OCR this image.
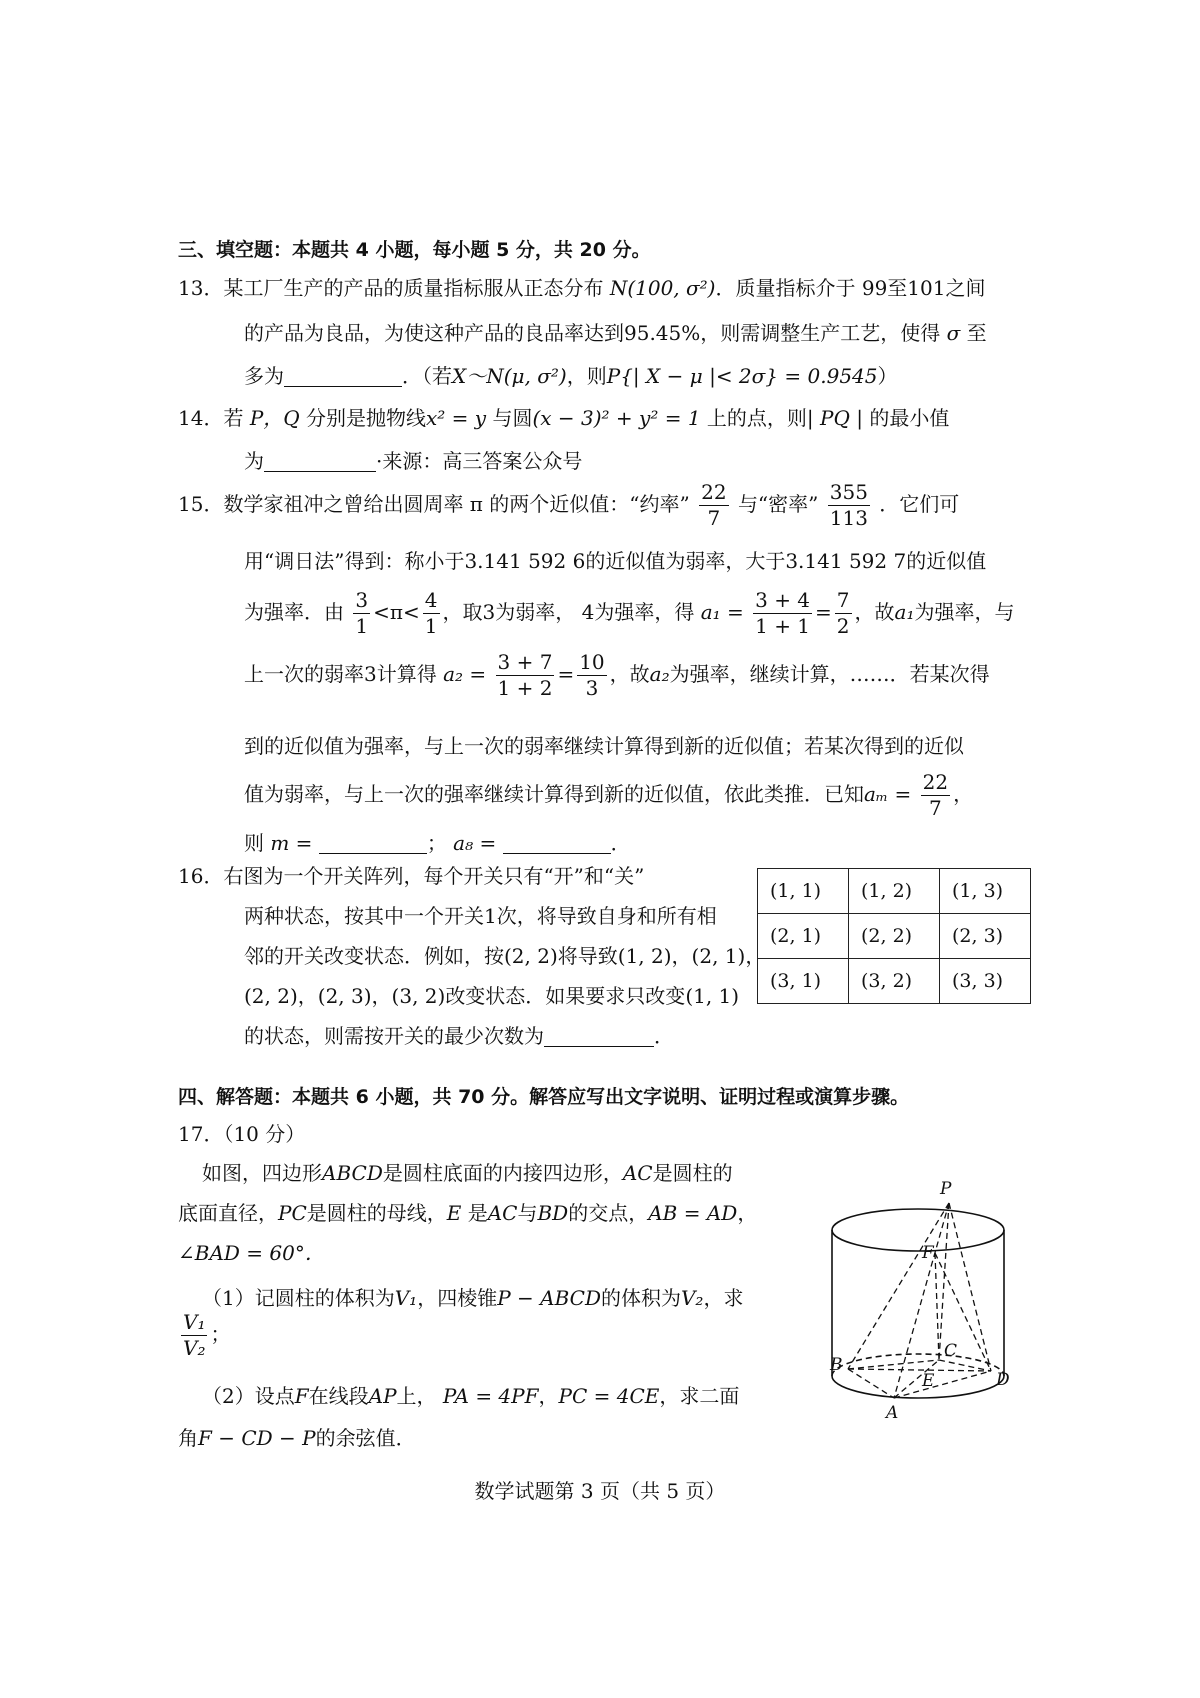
三、填空题：本题共 4 小题，每小题 5 分，共 20 分。
13．某工厂生产的产品的质量指标服从正态分布 N(100, σ²)．质量指标介于 99至101之间
的产品为良品，为使这种产品的良品率达到95.45%，则需调整生产工艺，使得 σ 至
多为	．（若X～N(μ, σ²)，则P{| X − μ |< 2σ} = 0.9545）
14．若 P，Q 分别是抛物线x² = y 与圆(x − 3)² + y² = 1 上的点，则| PQ | 的最小值
为	·来源：高三答案公众号
15．数学家祖冲之曾给出圆周率 π 的两个近似值：“约率” $\frac{22}{7}$ 与“密率” $\frac{355}{113}$ ．它们可
用“调日法”得到：称小于3.141 592 6的近似值为弱率，大于3.141 592 7的近似值
为强率．由 $\frac{3}{1} <\pi< \frac{4}{1}$ ，取3为弱率， 4为强率，得 $a_1 = \frac{3 + 4}{1 + 1} = \frac{7}{2}$ ，故a₁为强率，与
上一次的弱率3计算得 $a_2 = \frac{3 + 7}{1 + 2} = \frac{10}{3}$ ，故a₂为强率，继续计算，……．若某次得
到的近似值为强率，与上一次的弱率继续计算得到新的近似值；若某次得到的近似
值为弱率，与上一次的强率继续计算得到新的近似值，依此类推．已知$a_m = \frac{22}{7}$ ，
则 m =	； a₈ =	．
16．右图为一个开关阵列，每个开关只有“开”和“关”
两种状态，按其中一个开关1次，将导致自身和所有相
邻的开关改变状态．例如，按(2, 2)将导致(1, 2)，(2, 1)，
(2, 2)，(2, 3)，(3, 2)改变状态．如果要求只改变(1, 1)
的状态，则需按开关的最少次数为	．
(1, 1)	(1, 2)	(1, 3)
(2, 1)	(2, 2)	(2, 3)
(3, 1)	(3, 2)	(3, 3)
四、解答题：本题共 6 小题，共 70 分。解答应写出文字说明、证明过程或演算步骤。
17．（10 分）
如图，四边形ABCD是圆柱底面的内接四边形，AC是圆柱的
底面直径，PC是圆柱的母线，E 是AC与BD的交点，AB = AD，
∠BAD = 60°．
（1）记圆柱的体积为V₁，四棱锥P − ABCD的体积为V₂，求
$\frac{\text{V₁}}{\text{V₂}}$ ；
（2）设点F在线段AP上， PA = 4PF，PC = 4CE，求二面
角F − CD − P的余弦值．
P
F
C
B
E	D
A
数学试题第 3 页（共 5 页）
